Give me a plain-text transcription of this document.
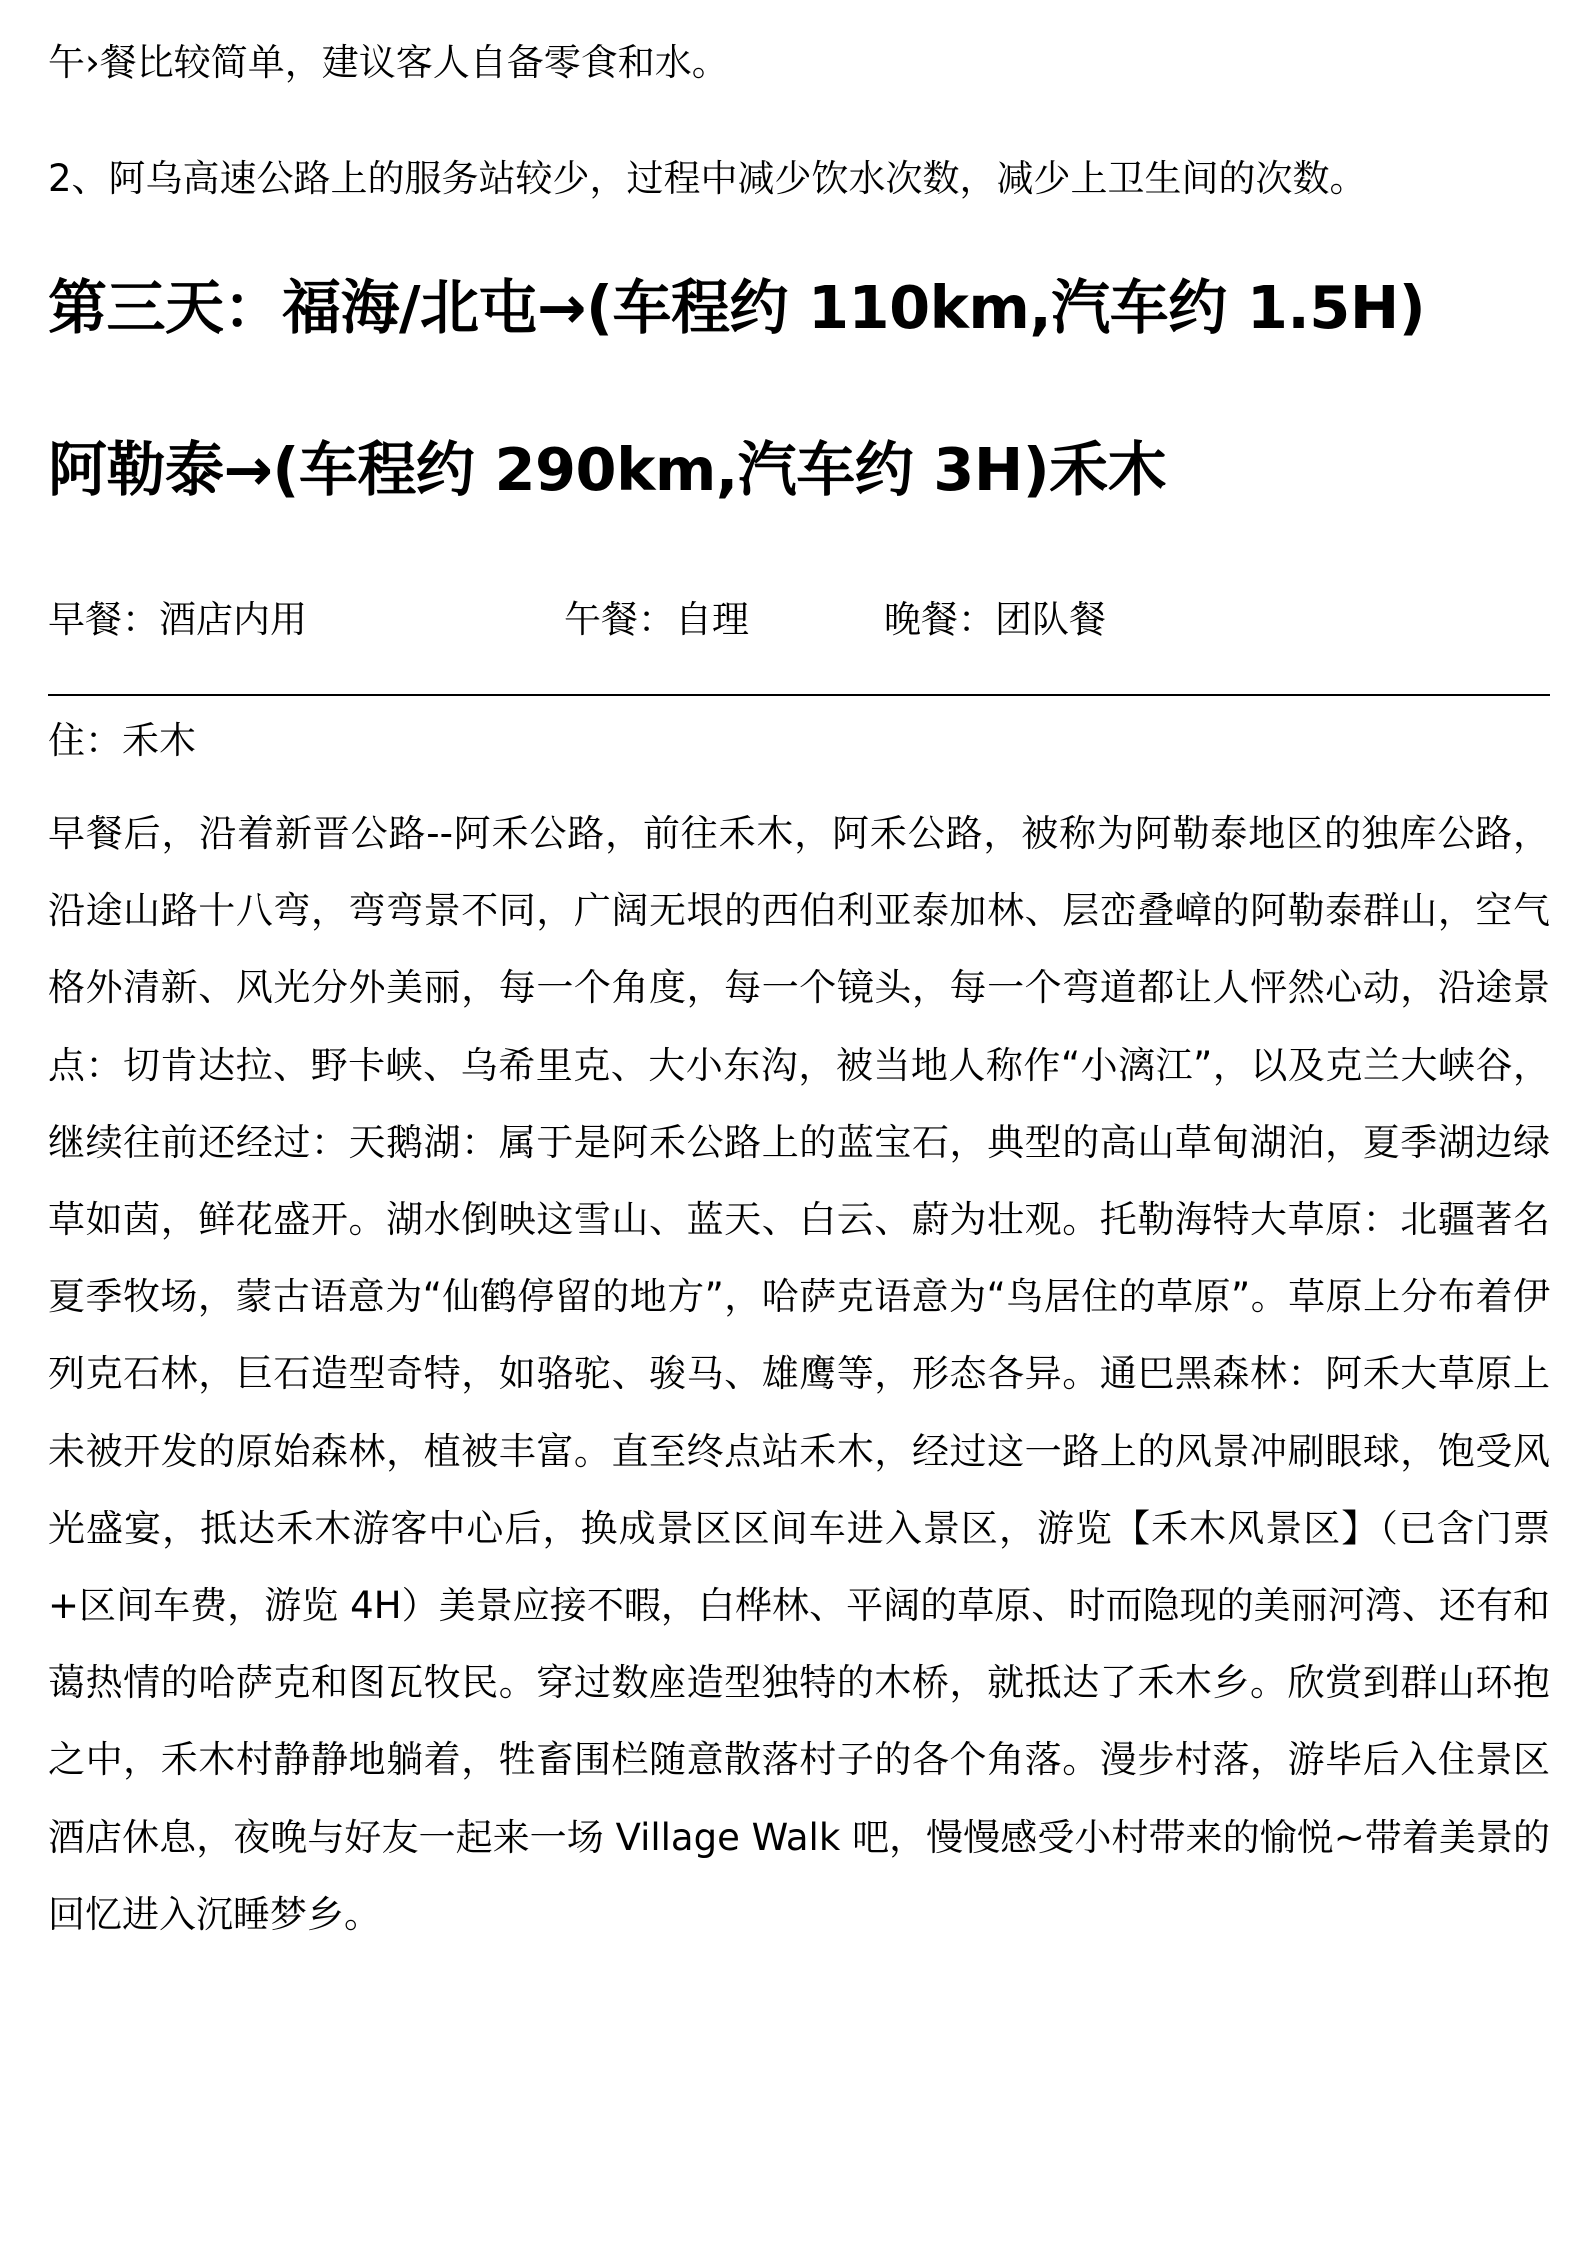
午›餐比较简单，建议客人自备零食和水。
2、阿乌高速公路上的服务站较少，过程中减少饮水次数，减少上卫生间的次数。
第三天：福海/北屯→(车程约 110km,汽车约 1.5H)
阿勒泰→(车程约 290km,汽车约 3H)禾木
早餐：酒店内用	午餐：自理	晚餐：团队餐
住：禾木
早餐后，沿着新晋公路--阿禾公路，前往禾木，阿禾公路，被称为阿勒泰地区的独库公路，沿途山路十八弯，弯弯景不同，广阔无垠的西伯利亚泰加林、层峦叠嶂的阿勒泰群山，空气格外清新、风光分外美丽，每一个角度，每一个镜头，每一个弯道都让人怦然心动，沿途景点：切肯达拉、野卡峡、乌希里克、大小东沟，被当地人称作“小漓江”，以及克兰大峡谷，继续往前还经过：天鹅湖：属于是阿禾公路上的蓝宝石，典型的高山草甸湖泊，夏季湖边绿草如茵，鲜花盛开。湖水倒映这雪山、蓝天、白云、蔚为壮观。托勒海特大草原：北疆著名夏季牧场，蒙古语意为“仙鹤停留的地方”，哈萨克语意为“鸟居住的草原”。草原上分布着伊列克石林，巨石造型奇特，如骆驼、骏马、雄鹰等，形态各异。通巴黑森林：阿禾大草原上未被开发的原始森林，植被丰富。直至终点站禾木，经过这一路上的风景冲刷眼球，饱受风光盛宴，抵达禾木游客中心后，换成景区区间车进入景区，游览【禾木风景区】（已含门票+区间车费，游览 4H）美景应接不暇，白桦林、平阔的草原、时而隐现的美丽河湾、还有和蔼热情的哈萨克和图瓦牧民。穿过数座造型独特的木桥，就抵达了禾木乡。欣赏到群山环抱之中，禾木村静静地躺着，牲畜围栏随意散落村子的各个角落。漫步村落，游毕后入住景区酒店休息，夜晚与好友一起来一场 Village Walk 吧，慢慢感受小村带来的愉悦~带着美景的回忆进入沉睡梦乡。
